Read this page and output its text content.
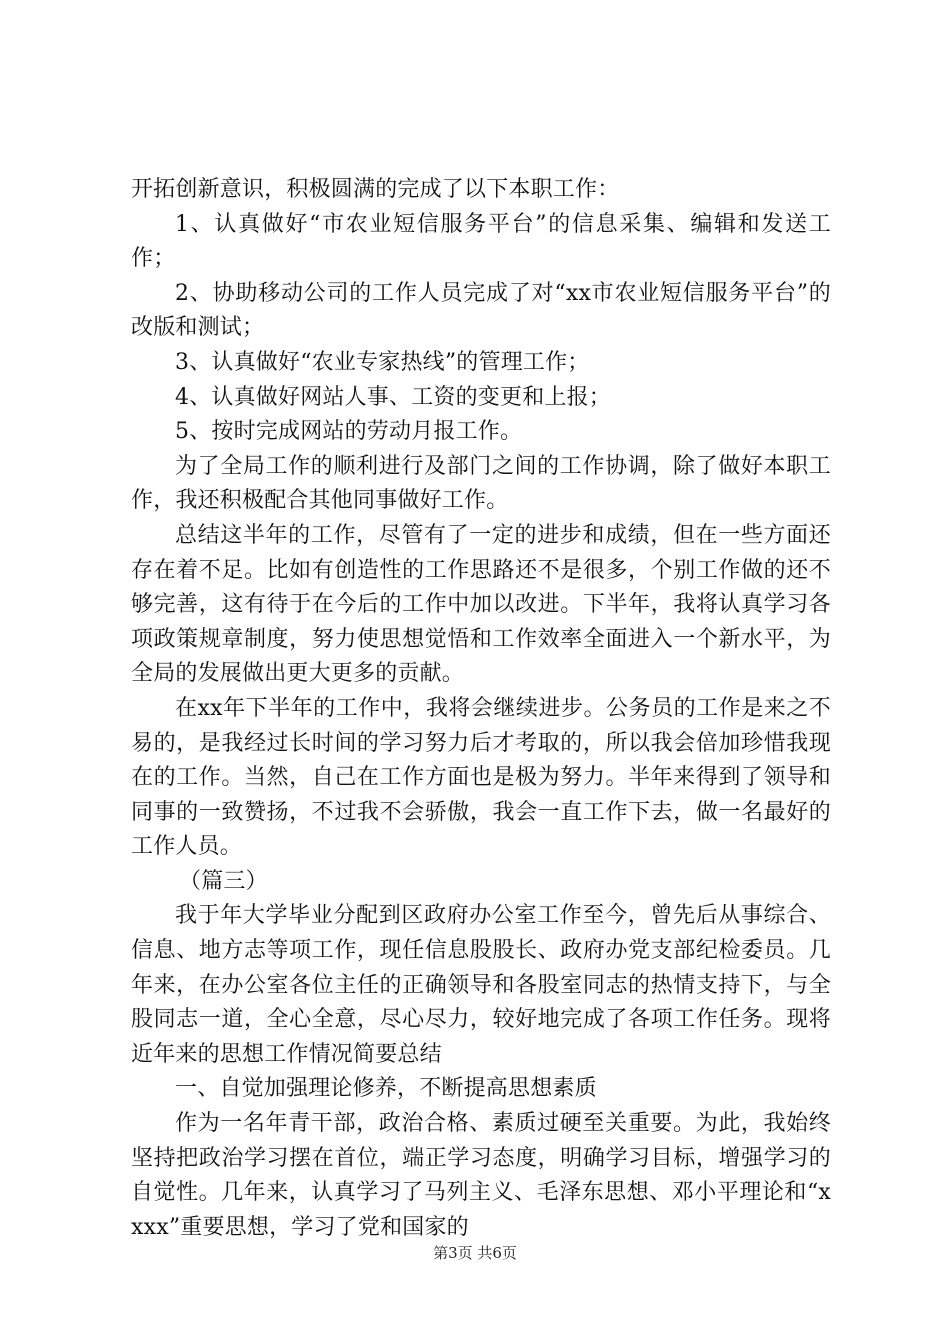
开拓创新意识，积极圆满的完成了以下本职工作：

1、认真做好“市农业短信服务平台”的信息采集、编辑和发送工作；

2、协助移动公司的工作人员完成了对“xx市农业短信服务平台”的改版和测试；

3、认真做好“农业专家热线”的管理工作；

4、认真做好网站人事、工资的变更和上报；

5、按时完成网站的劳动月报工作。

为了全局工作的顺利进行及部门之间的工作协调，除了做好本职工作，我还积极配合其他同事做好工作。

总结这半年的工作，尽管有了一定的进步和成绩，但在一些方面还存在着不足。比如有创造性的工作思路还不是很多，个别工作做的还不够完善，这有待于在今后的工作中加以改进。下半年，我将认真学习各项政策规章制度，努力使思想觉悟和工作效率全面进入一个新水平，为全局的发展做出更大更多的贡献。

在xx年下半年的工作中，我将会继续进步。公务员的工作是来之不易的，是我经过长时间的学习努力后才考取的，所以我会倍加珍惜我现在的工作。当然，自己在工作方面也是极为努力。半年来得到了领导和同事的一致赞扬，不过我不会骄傲，我会一直工作下去，做一名最好的工作人员。

（篇三）

我于年大学毕业分配到区政府办公室工作至今，曾先后从事综合、信息、地方志等项工作，现任信息股股长、政府办党支部纪检委员。几年来，在办公室各位主任的正确领导和各股室同志的热情支持下，与全股同志一道，全心全意，尽心尽力，较好地完成了各项工作任务。现将近年来的思想工作情况简要总结

一、自觉加强理论修养，不断提高思想素质

作为一名年青干部，政治合格、素质过硬至关重要。为此，我始终坚持把政治学习摆在首位，端正学习态度，明确学习目标，增强学习的自觉性。几年来，认真学习了马列主义、毛泽东思想、邓小平理论和“xxxx”重要思想，学习了党和国家的

第3页 共6页
